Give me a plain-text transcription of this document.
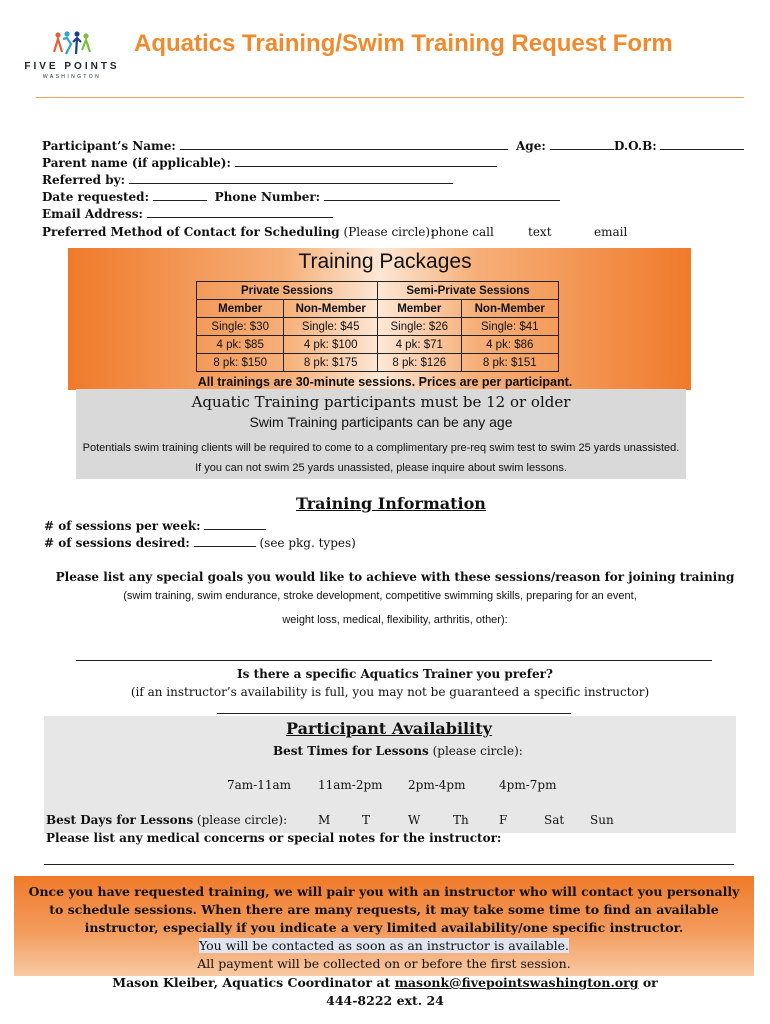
FIVE POINTS
WASHINGTON
Aquatics Training/Swim Training Request Form
Participant’s Name:	Age:	D.O.B:
Parent name (if applicable):
Referred by:
Date requested:	Phone Number:
Email Address:
Preferred Method of Contact for Scheduling (Please circle):
phone call	text	email
Training Packages
Private Sessions		Semi-Private Sessions	
Member	Non-Member	Member	Non-Member
Single: $30	Single: $45	Single: $26	Single: $41
4 pk: $85	4 pk: $100	4 pk: $71	4 pk: $86
8 pk: $150	8 pk: $175	8 pk: $126	8 pk: $151
All trainings are 30-minute sessions. Prices are per participant.
Aquatic Training participants must be 12 or older
Swim Training participants can be any age
Potentials swim training clients will be required to come to a complimentary pre-req swim test to swim 25 yards unassisted. If you can not swim 25 yards unassisted, please inquire about swim lessons.
Training Information
# of sessions per week:
# of sessions desired:	(see pkg. types)
Please list any special goals you would like to achieve with these sessions/reason for joining training
(swim training, swim endurance, stroke development, competitive swimming skills, preparing for an event,
weight loss, medical, flexibility, arthritis, other):
Is there a specific Aquatics Trainer you prefer?
(if an instructor’s availability is full, you may not be guaranteed a specific instructor)
Participant Availability
Best Times for Lessons (please circle):
7am-11am 11am-2pm 2pm-4pm	4pm-7pm
Best Days for Lessons (please circle):	M	T	W	Th	F	Sat Sun
Please list any medical concerns or special notes for the instructor:
Once you have requested training, we will pair you with an instructor who will contact you personally to schedule sessions. When there are many requests, it may take some time to find an available instructor, especially if you indicate a very limited availability/one specific instructor.
You will be contacted as soon as an instructor is available.
All payment will be collected on or before the first session.
Mason Kleiber, Aquatics Coordinator at masonk@fivepointswashington.org or
444-8222 ext. 24
